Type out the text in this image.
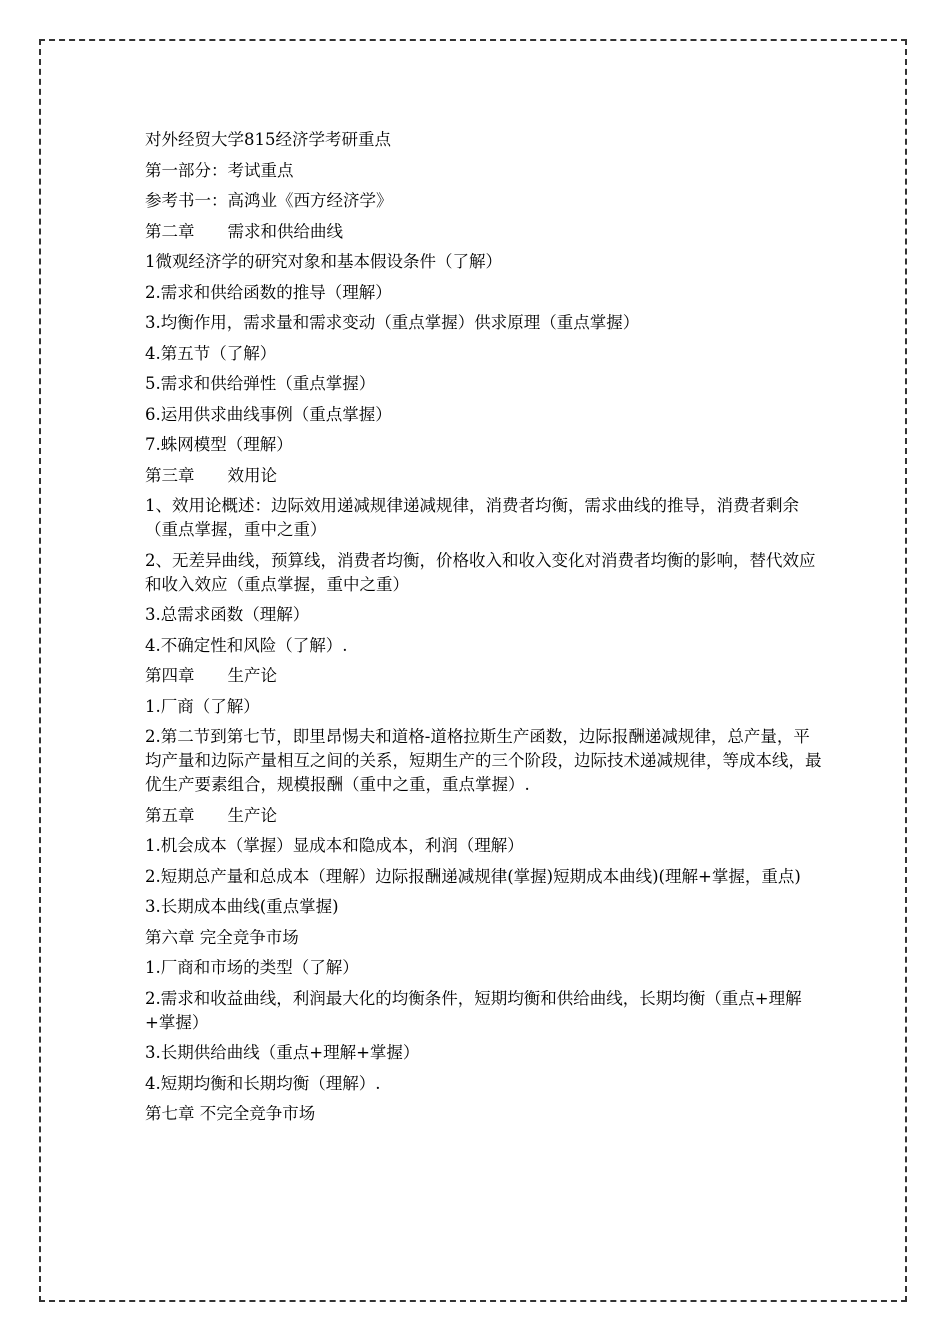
对外经贸大学815经济学考研重点

第一部分：考试重点

参考书一：高鸿业《西方经济学》

第二章　　需求和供给曲线

1微观经济学的研究对象和基本假设条件（了解）

2.需求和供给函数的推导（理解）

3.均衡作用，需求量和需求变动（重点掌握）供求原理（重点掌握）

4.第五节（了解）

5.需求和供给弹性（重点掌握）

6.运用供求曲线事例（重点掌握）

7.蛛网模型（理解）

第三章　　效用论

1、效用论概述：边际效用递减规律递减规律，消费者均衡，需求曲线的推导，消费者剩余（重点掌握，重中之重）

2、无差异曲线，预算线，消费者均衡，价格收入和收入变化对消费者均衡的影响，替代效应和收入效应（重点掌握，重中之重）

3.总需求函数（理解）

4.不确定性和风险（了解）.

第四章　　生产论

1.厂商（了解）

2.第二节到第七节，即里昂惕夫和道格-道格拉斯生产函数，边际报酬递减规律，总产量，平均产量和边际产量相互之间的关系，短期生产的三个阶段，边际技术递减规律，等成本线，最优生产要素组合，规模报酬（重中之重，重点掌握）.

第五章　　生产论

1.机会成本（掌握）显成本和隐成本，利润（理解）

2.短期总产量和总成本（理解）边际报酬递减规律(掌握)短期成本曲线)(理解+掌握，重点)

3.长期成本曲线(重点掌握)

第六章 完全竞争市场

1.厂商和市场的类型（了解）

2.需求和收益曲线，利润最大化的均衡条件，短期均衡和供给曲线，长期均衡（重点+理解+掌握）

3.长期供给曲线（重点+理解+掌握）

4.短期均衡和长期均衡（理解）.

第七章 不完全竞争市场
